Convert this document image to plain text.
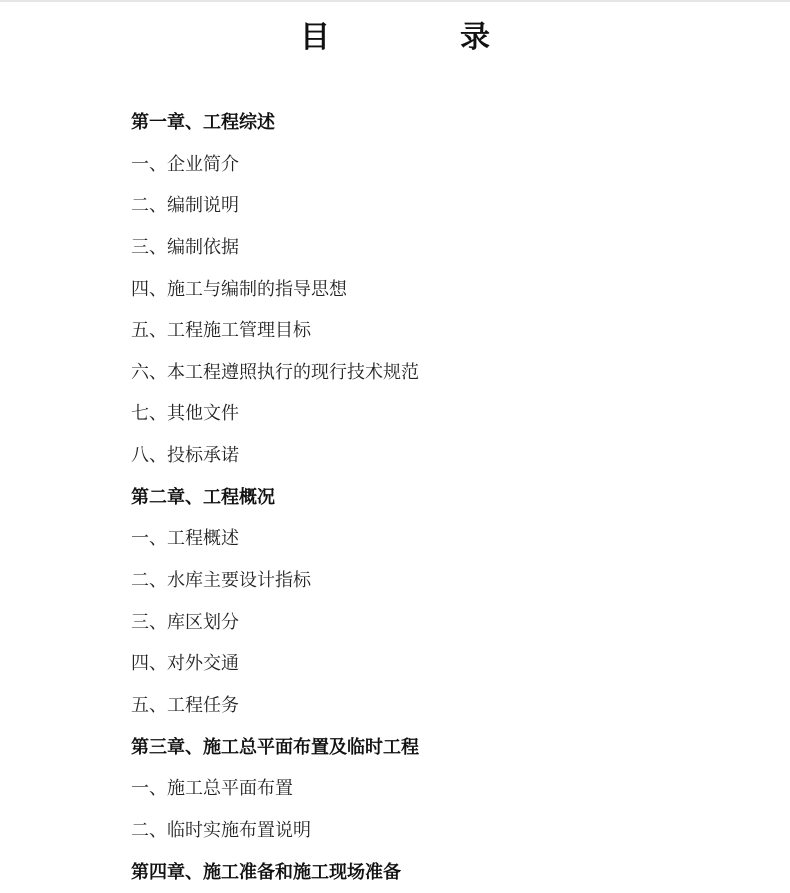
目　录
第一章、工程综述
一、企业简介
二、编制说明
三、编制依据
四、施工与编制的指导思想
五、工程施工管理目标
六、本工程遵照执行的现行技术规范
七、其他文件
八、投标承诺
第二章、工程概况
一、工程概述
二、水库主要设计指标
三、库区划分
四、对外交通
五、工程任务
第三章、施工总平面布置及临时工程
一、施工总平面布置
二、临时实施布置说明
第四章、施工准备和施工现场准备
